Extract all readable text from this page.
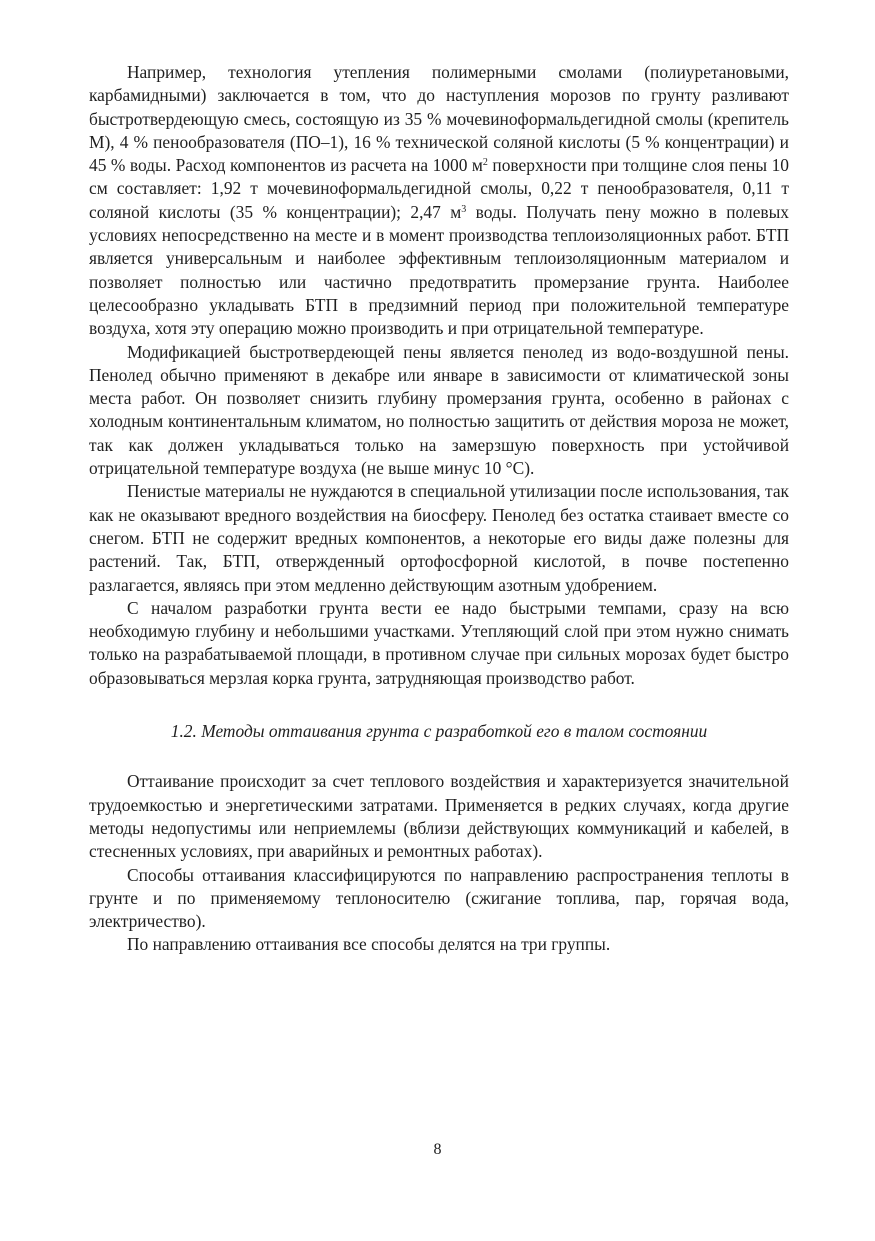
Например, технология утепления полимерными смолами (полиуретановыми, карбамидными) заключается в том, что до наступления морозов по грунту разливают быстротвердеющую смесь, состоящую из 35 % мочевиноформальдегидной смолы (крепитель М), 4 % пенообразователя (ПО–1), 16 % технической соляной кислоты (5 % концентрации) и 45 % воды. Расход компонентов из расчета на 1000 $м^2$ поверхности при толщине слоя пены 10 см составляет: 1,92 т мочевиноформальдегидной смолы, 0,22 т пенообразователя, 0,11 т соляной кислоты (35 % концентрации); 2,47 $м^3$ воды. Получать пену можно в полевых условиях непосредственно на месте и в момент производства теплоизоляционных работ. БТП является универсальным и наиболее эффективным теплоизоляционным материалом и позволяет полностью или частично предотвратить промерзание грунта. Hаиболее целесообразно укладывать БТП в предзимний период при положительной температуре воздуха, хотя эту операцию можно производить и при отрицательной температуре.

Модификацией быстротвердеющей пены является пенолед из водо-воздушной пены. Пенолед обычно применяют в декабре или январе в зависимости от климатической зоны места работ. Он позволяет снизить глубину промерзания грунта, особенно в районах с холодным континентальным климатом, но полностью защитить от действия мороза не может, так как должен укладываться только на замерзшую поверхность при устойчивой отрицательной температуре воздуха (не выше минус 10 °С).

Пенистые материалы не нуждаются в специальной утилизации после использования, так как не оказывают вредного воздействия на биосферу. Пенолед без остатка стаивает вместе со снегом. БТП не содержит вредных компонентов, а некоторые его виды даже полезны для растений. Так, БТП, отвержденный ортофосфорной кислотой, в почве постепенно разлагается, являясь при этом медленно действующим азотным удобрением.

С началом разработки грунта вести ее надо быстрыми темпами, сразу на всю необходимую глубину и небольшими участками. Утепляющий слой при этом нужно снимать только на разрабатываемой площади, в противном случае при сильных морозах будет быстро образовываться мерзлая корка грунта, затрудняющая производство работ.

1.2. Методы оттаивания грунта с разработкой его в талом состоянии

Оттаивание происходит за счет теплового воздействия и характеризуется значительной трудоемкостью и энергетическими затратами. Применяется в редких случаях, когда другие методы недопустимы или неприемлемы (вблизи действующих коммуникаций и кабелей, в стесненных условиях, при аварийных и ремонтных работах).

Способы оттаивания классифицируются по направлению распространения теплоты в грунте и по применяемому теплоносителю (сжигание топлива, пар, горячая вода, электричество).

По направлению оттаивания все способы делятся на три группы.

8
